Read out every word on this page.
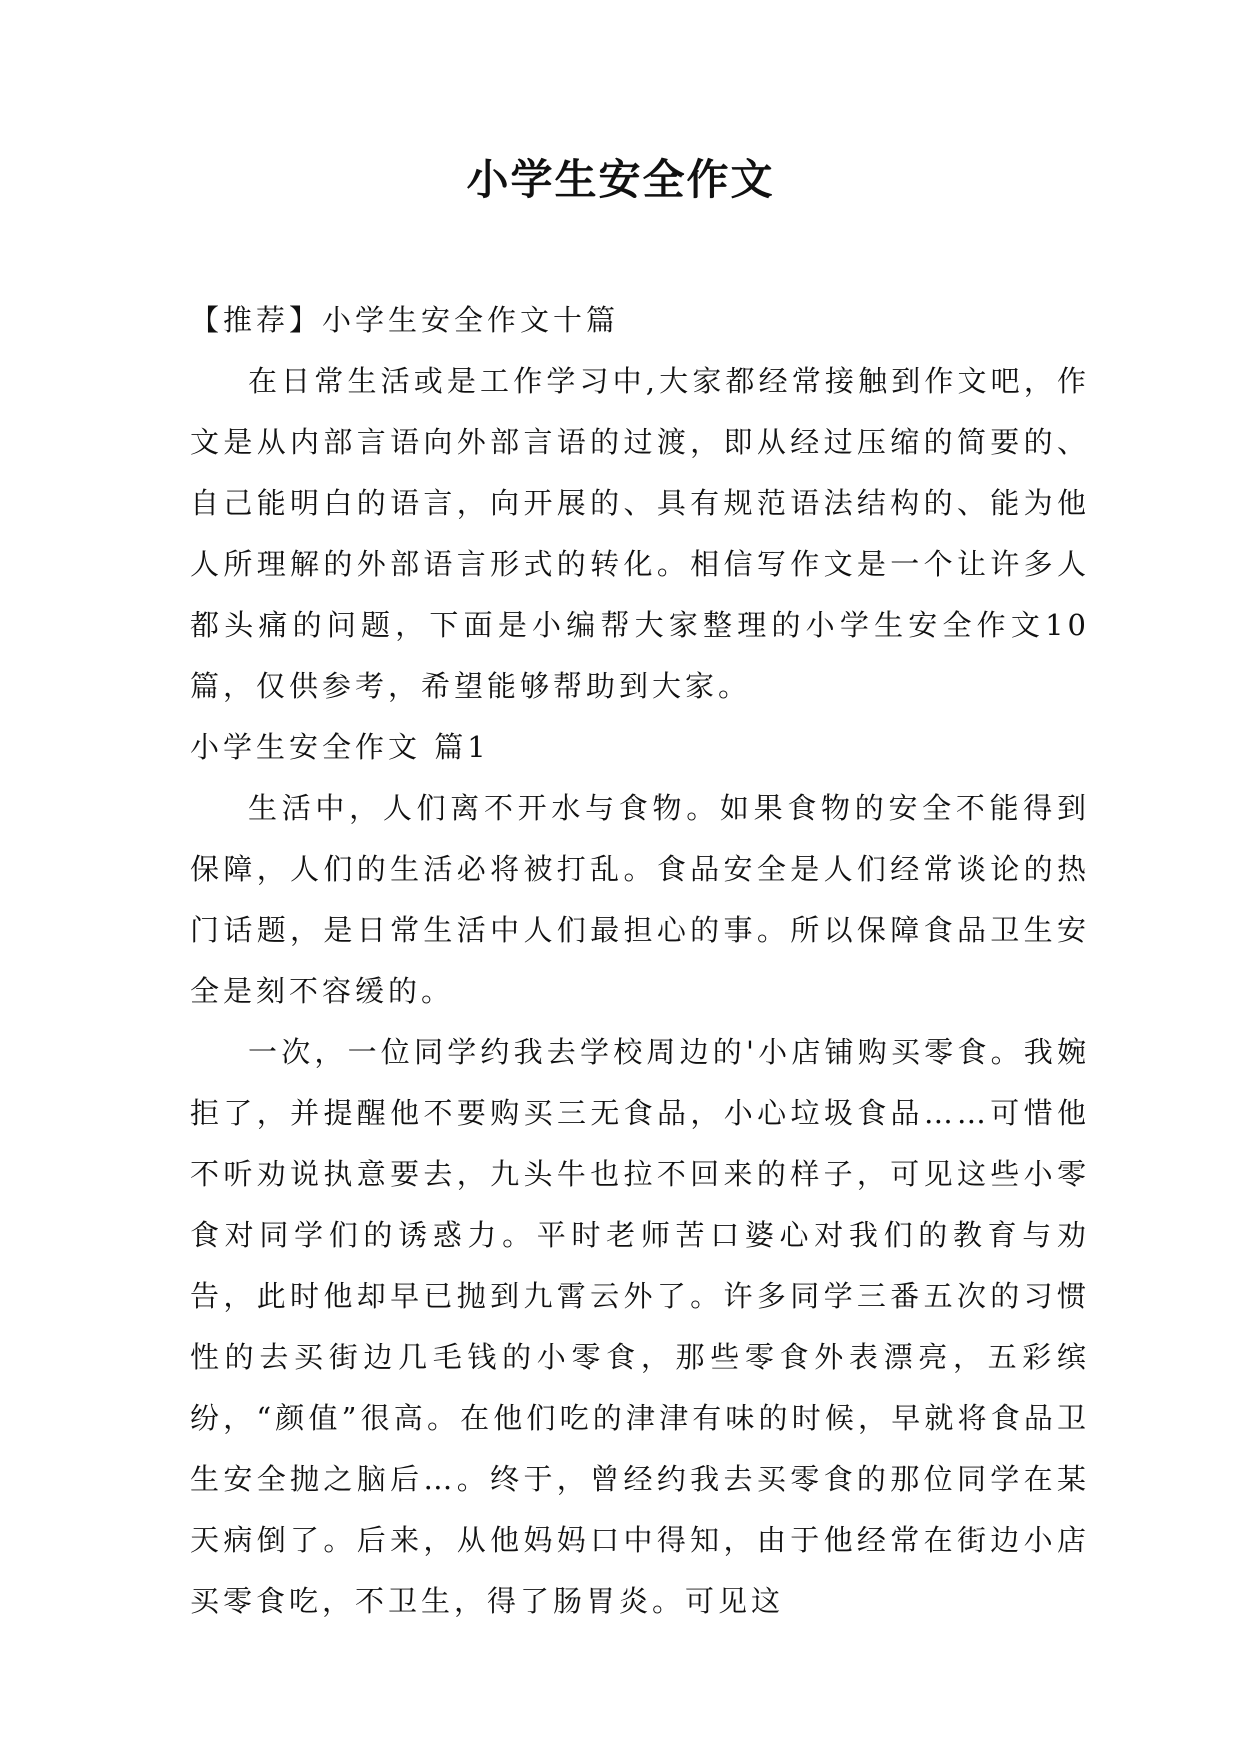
小学生安全作文

【推荐】小学生安全作文十篇

在日常生活或是工作学习中,大家都经常接触到作文吧，作文是从内部言语向外部言语的过渡，即从经过压缩的简要的、自己能明白的语言，向开展的、具有规范语法结构的、能为他人所理解的外部语言形式的转化。相信写作文是一个让许多人都头痛的问题，下面是小编帮大家整理的小学生安全作文10篇，仅供参考，希望能够帮助到大家。

小学生安全作文 篇1

生活中，人们离不开水与食物。如果食物的安全不能得到保障，人们的生活必将被打乱。食品安全是人们经常谈论的热门话题，是日常生活中人们最担心的事。所以保障食品卫生安全是刻不容缓的。

一次，一位同学约我去学校周边的'小店铺购买零食。我婉拒了，并提醒他不要购买三无食品，小心垃圾食品……可惜他不听劝说执意要去，九头牛也拉不回来的样子，可见这些小零食对同学们的诱惑力。平时老师苦口婆心对我们的教育与劝告，此时他却早已抛到九霄云外了。许多同学三番五次的习惯性的去买街边几毛钱的小零食，那些零食外表漂亮，五彩缤纷，“颜值”很高。在他们吃的津津有味的时候，早就将食品卫生安全抛之脑后…。终于，曾经约我去买零食的那位同学在某天病倒了。后来，从他妈妈口中得知，由于他经常在街边小店买零食吃，不卫生，得了肠胃炎。可见这
